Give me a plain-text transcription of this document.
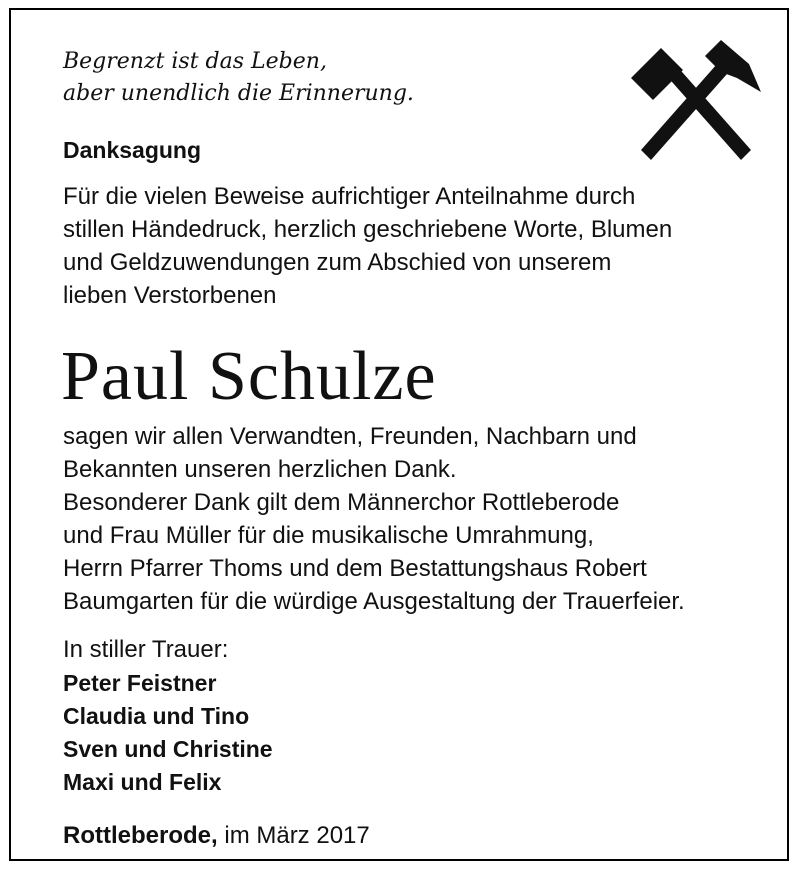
Begrenzt ist das Leben,
aber unendlich die Erinnerung.

Danksagung

Für die vielen Beweise aufrichtiger Anteilnahme durch
stillen Händedruck, herzlich geschriebene Worte, Blumen
und Geldzuwendungen zum Abschied von unserem
lieben Verstorbenen

Paul Schulze

sagen wir allen Verwandten, Freunden, Nachbarn und
Bekannten unseren herzlichen Dank.
Besonderer Dank gilt dem Männerchor Rottleberode
und Frau Müller für die musikalische Umrahmung,
Herrn Pfarrer Thoms und dem Bestattungshaus Robert
Baumgarten für die würdige Ausgestaltung der Trauerfeier.

In stiller Trauer:

Peter Feistner
Claudia und Tino
Sven und Christine
Maxi und Felix

Rottleberode, im März 2017
